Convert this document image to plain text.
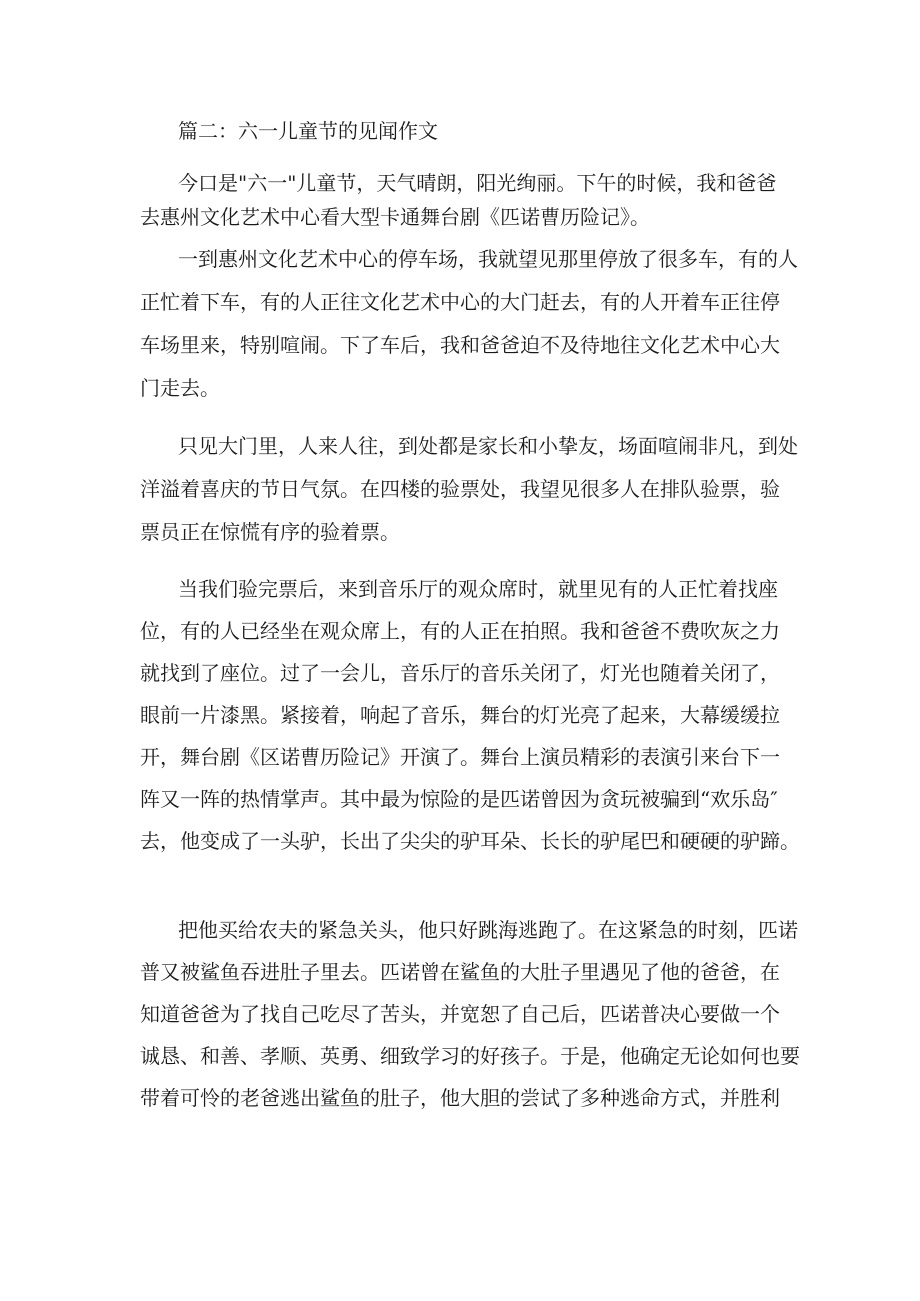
篇二：六一儿童节的见闻作文

今口是"六一"儿童节，天气晴朗，阳光绚丽。下午的时候，我和爸爸
去惠州文化艺术中心看大型卡通舞台剧《匹诺曹历险记》。

一到惠州文化艺术中心的停车场，我就望见那里停放了很多车，有的人
正忙着下车，有的人正往文化艺术中心的大门赶去，有的人开着车正往停
车场里来，特别喧闹。下了车后，我和爸爸迫不及待地往文化艺术中心大
门走去。

只见大门里，人来人往，到处都是家长和小挚友，场面喧闹非凡，到处
洋溢着喜庆的节日气氛。在四楼的验票处，我望见很多人在排队验票，验
票员正在惊慌有序的验着票。

当我们验完票后，来到音乐厅的观众席时，就里见有的人正忙着找座
位，有的人已经坐在观众席上，有的人正在拍照。我和爸爸不费吹灰之力
就找到了座位。过了一会儿，音乐厅的音乐关闭了，灯光也随着关闭了，
眼前一片漆黑。紧接着，响起了音乐，舞台的灯光亮了起来，大幕缓缓拉
开，舞台剧《区诺曹历险记》开演了。舞台上演员精彩的表演引来台下一
阵又一阵的热情掌声。其中最为惊险的是匹诺曾因为贪玩被骗到“欢乐岛″
去，他变成了一头驴，长出了尖尖的驴耳朵、长长的驴尾巴和硬硬的驴蹄。

把他买给农夫的紧急关头，他只好跳海逃跑了。在这紧急的时刻，匹诺
普又被鲨鱼吞进肚子里去。匹诺曾在鲨鱼的大肚子里遇见了他的爸爸，在
知道爸爸为了找自己吃尽了苦头，并宽恕了自己后，匹诺普决心要做一个
诚恳、和善、孝顺、英勇、细致学习的好孩子。于是，他确定无论如何也要
带着可怜的老爸逃出鲨鱼的肚子，他大胆的尝试了多种逃命方式，并胜利
